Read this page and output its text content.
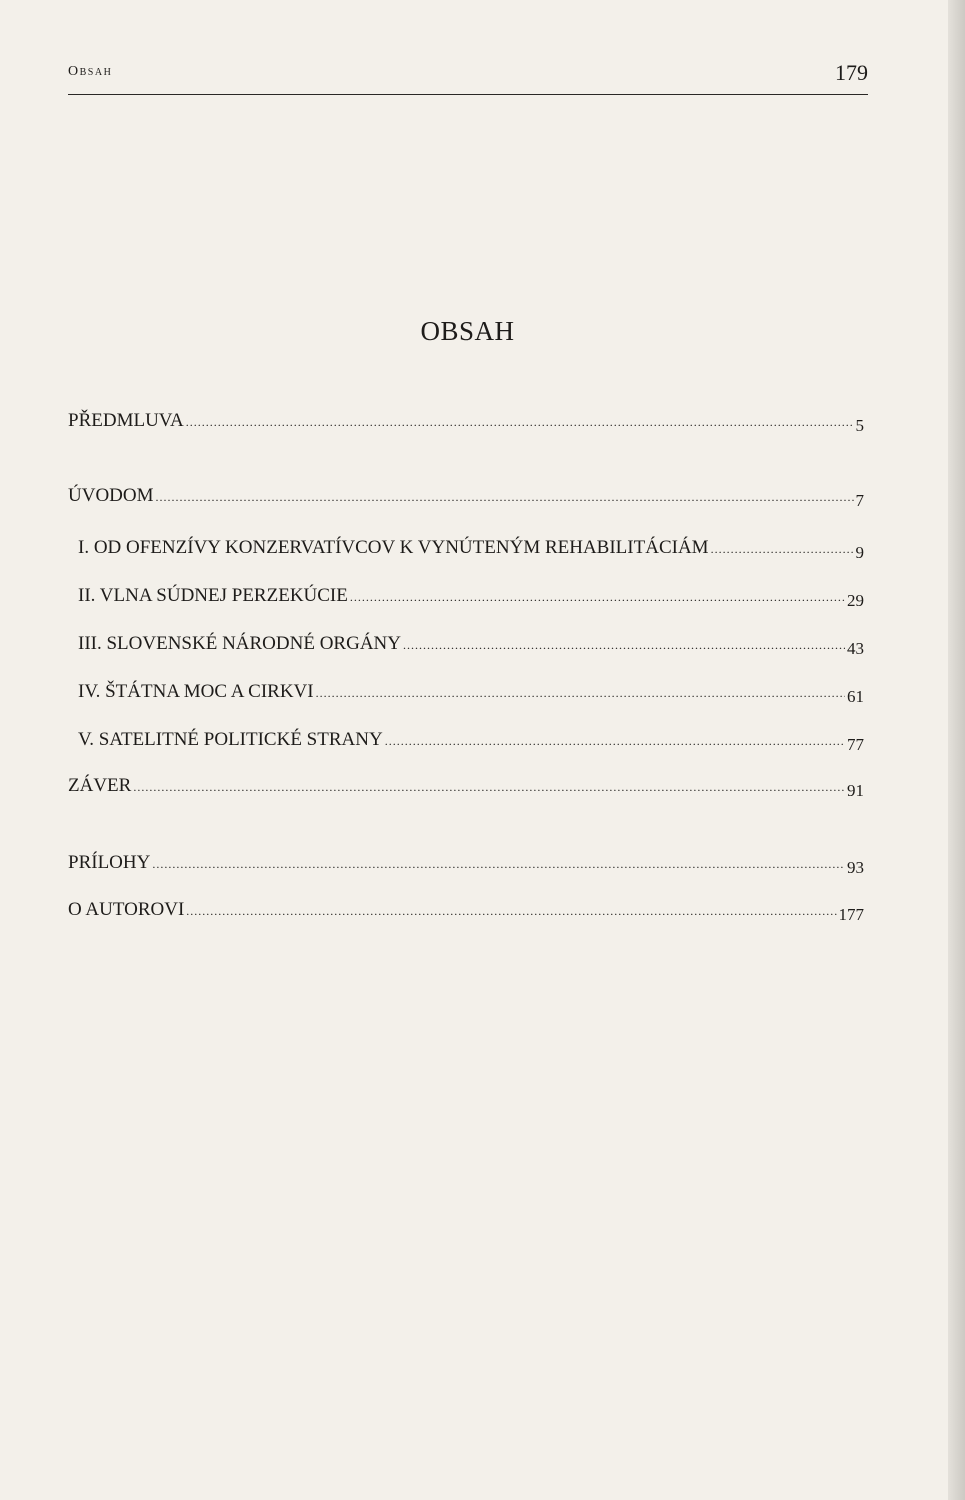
Obsah	179
OBSAH
PŘEDMLUVA .....	5
ÚVODOM .....	7
I. OD OFENZÍVY KONZERVATÍVCOV K VYNÚTENÝM REHABILITÁCIÁM .....	9
II. VLNA SÚDNEJ PERZEKÚCIE .....	29
III. SLOVENSKÉ NÁRODNÉ ORGÁNY .....	43
IV. ŠTÁTNA MOC A CIRKVI .....	61
V. SATELITNÉ POLITICKÉ STRANY .....	77
ZÁVER .....	91
PRÍLOHY .....	93
O AUTOROVI .....	177
